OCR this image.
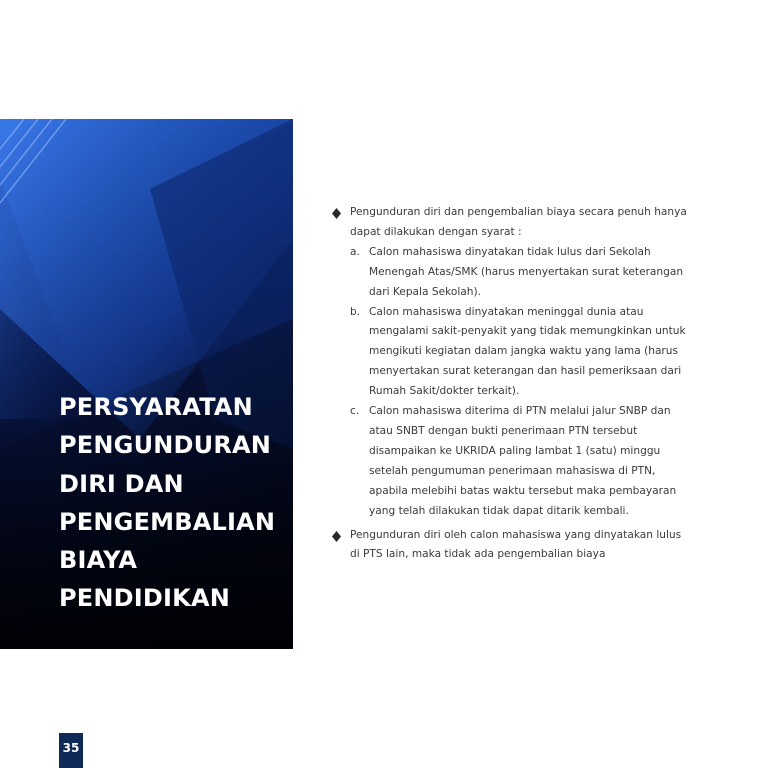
PERSYARATAN
PENGUNDURAN
DIRI DAN
PENGEMBALIAN
BIAYA
PENDIDIKAN
Pengunduran diri dan pengembalian biaya secara penuh hanya
dapat dilakukan dengan syarat :
a. Calon mahasiswa dinyatakan tidak lulus dari Sekolah
Menengah Atas/SMK (harus menyertakan surat keterangan
dari Kepala Sekolah).
b. Calon mahasiswa dinyatakan meninggal dunia atau
mengalami sakit-penyakit yang tidak memungkinkan untuk
mengikuti kegiatan dalam jangka waktu yang lama (harus
menyertakan surat keterangan dan hasil pemeriksaan dari
Rumah Sakit/dokter terkait).
c. Calon mahasiswa diterima di PTN melalui jalur SNBP dan
atau SNBT dengan bukti penerimaan PTN tersebut
disampaikan ke UKRIDA paling lambat 1 (satu) minggu
setelah pengumuman penerimaan mahasiswa di PTN,
apabila melebihi batas waktu tersebut maka pembayaran
yang telah dilakukan tidak dapat ditarik kembali.
Pengunduran diri oleh calon mahasiswa yang dinyatakan lulus
di PTS lain, maka tidak ada pengembalian biaya
35
